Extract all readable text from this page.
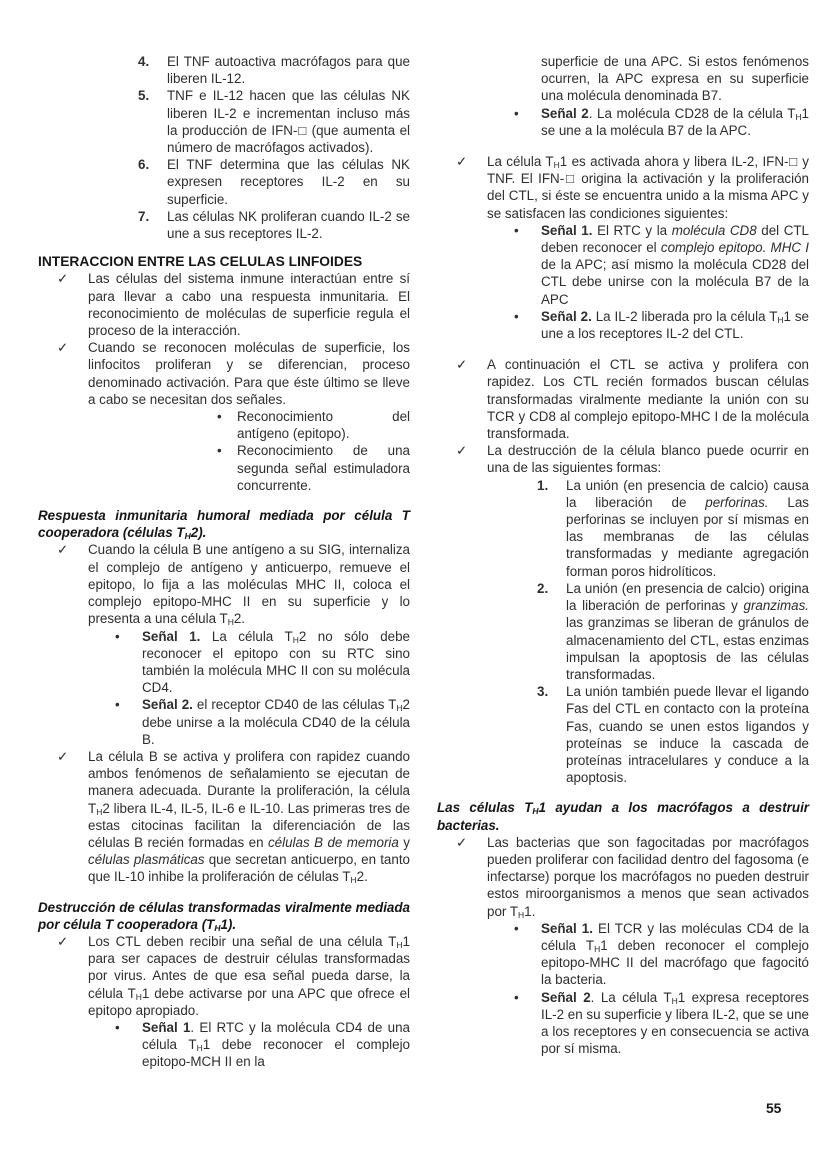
4.	El TNF autoactiva macrófagos para que liberen IL-12.
5.	TNF e IL-12 hacen que las células NK liberen IL-2 e incrementan incluso más la producción de IFN-□ (que aumenta el número de macrófagos activados).
6.	El TNF determina que las células NK expresen receptores IL-2 en su superficie.
7.	Las células NK proliferan cuando IL-2 se une a sus receptores IL-2.
INTERACCION ENTRE LAS CELULAS LINFOIDES
✓	Las células del sistema inmune interactúan entre sí para llevar a cabo una respuesta inmunitaria. El reconocimiento de moléculas de superficie regula el proceso de la interacción.
✓	Cuando se reconocen moléculas de superficie, los linfocitos proliferan y se diferencian, proceso denominado activación. Para que éste último se lleve a cabo se necesitan dos señales.
•	Reconocimiento del antígeno (epitopo).
•	Reconocimiento de una segunda señal estimuladora concurrente.
Respuesta inmunitaria humoral mediada por célula T cooperadora (células $T_H2$).
✓	Cuando la célula B une antígeno a su SIG, internaliza el complejo de antígeno y anticuerpo, remueve el epitopo, lo fija a las moléculas MHC II, coloca el complejo epitopo-MHC II en su superficie y lo presenta a una célula $T_H2$.
•	Señal 1. La célula $T_H2$ no sólo debe reconocer el epitopo con su RTC sino también la molécula MHC II con su molécula CD4.
•	Señal 2. el receptor CD40 de las células $T_H2$ debe unirse a la molécula CD40 de la célula B.
✓	La célula B se activa y prolifera con rapidez cuando ambos fenómenos de señalamiento se ejecutan de manera adecuada. Durante la proliferación, la célula $T_H2$ libera IL-4, IL-5, IL-6 e IL-10. Las primeras tres de estas citocinas facilitan la diferenciación de las células B recién formadas en células B de memoria y células plasmáticas que secretan anticuerpo, en tanto que IL-10 inhibe la proliferación de células $T_H2$.
Destrucción de células transformadas viralmente mediada por célula T cooperadora $(T_H1)$.
✓	Los CTL deben recibir una señal de una célula $T_H1$ para ser capaces de destruir células transformadas por virus. Antes de que esa señal pueda darse, la célula $T_H1$ debe activarse por una APC que ofrece el epitopo apropiado.
•	Señal 1. El RTC y la molécula CD4 de una célula $T_H1$ debe reconocer el complejo epitopo-MCH II en la
superficie de una APC. Si estos fenómenos ocurren, la APC expresa en su superficie una molécula denominada B7.
•	Señal 2. La molécula CD28 de la célula $T_H1$ se une a la molécula B7 de la APC.
✓	La célula $T_H1$ es activada ahora y libera IL-2, IFN-□ y TNF. El IFN-□ origina la activación y la proliferación del CTL, si éste se encuentra unido a la misma APC y se satisfacen las condiciones siguientes:
•	Señal 1. El RTC y la molécula CD8 del CTL deben reconocer el complejo epitopo. MHC I de la APC; así mismo la molécula CD28 del CTL debe unirse con la molécula B7 de la APC
•	Señal 2. La IL-2 liberada pro la célula $T_H1$ se une a los receptores IL-2 del CTL.
✓	A continuación el CTL se activa y prolifera con rapidez. Los CTL recién formados buscan células transformadas viralmente mediante la unión con su TCR y CD8 al complejo epitopo-MHC I de la molécula transformada.
✓	La destrucción de la célula blanco puede ocurrir en una de las siguientes formas:
1.	La unión (en presencia de calcio) causa la liberación de perforinas. Las perforinas se incluyen por sí mismas en las membranas de las células transformadas y mediante agregación forman poros hidrolíticos.
2.	La unión (en presencia de calcio) origina la liberación de perforinas y granzimas. las granzimas se liberan de gránulos de almacenamiento del CTL, estas enzimas impulsan la apoptosis de las células transformadas.
3.	La unión también puede llevar el ligando Fas del CTL en contacto con la proteína Fas, cuando se unen estos ligandos y proteínas se induce la cascada de proteínas intracelulares y conduce a la apoptosis.
Las células $T_H1$ ayudan a los macrófagos a destruir bacterias.
✓	Las bacterias que son fagocitadas por macrófagos pueden proliferar con facilidad dentro del fagosoma (e infectarse) porque los macrófagos no pueden destruir estos miroorganismos a menos que sean activados por $T_H1$.
•	Señal 1. El TCR y las moléculas CD4 de la célula $T_H1$ deben reconocer el complejo epitopo-MHC II del macrófago que fagocitó la bacteria.
•	Señal 2. La célula $T_H1$ expresa receptores IL-2 en su superficie y libera IL-2, que se une a los receptores y en consecuencia se activa por sí misma.
55
